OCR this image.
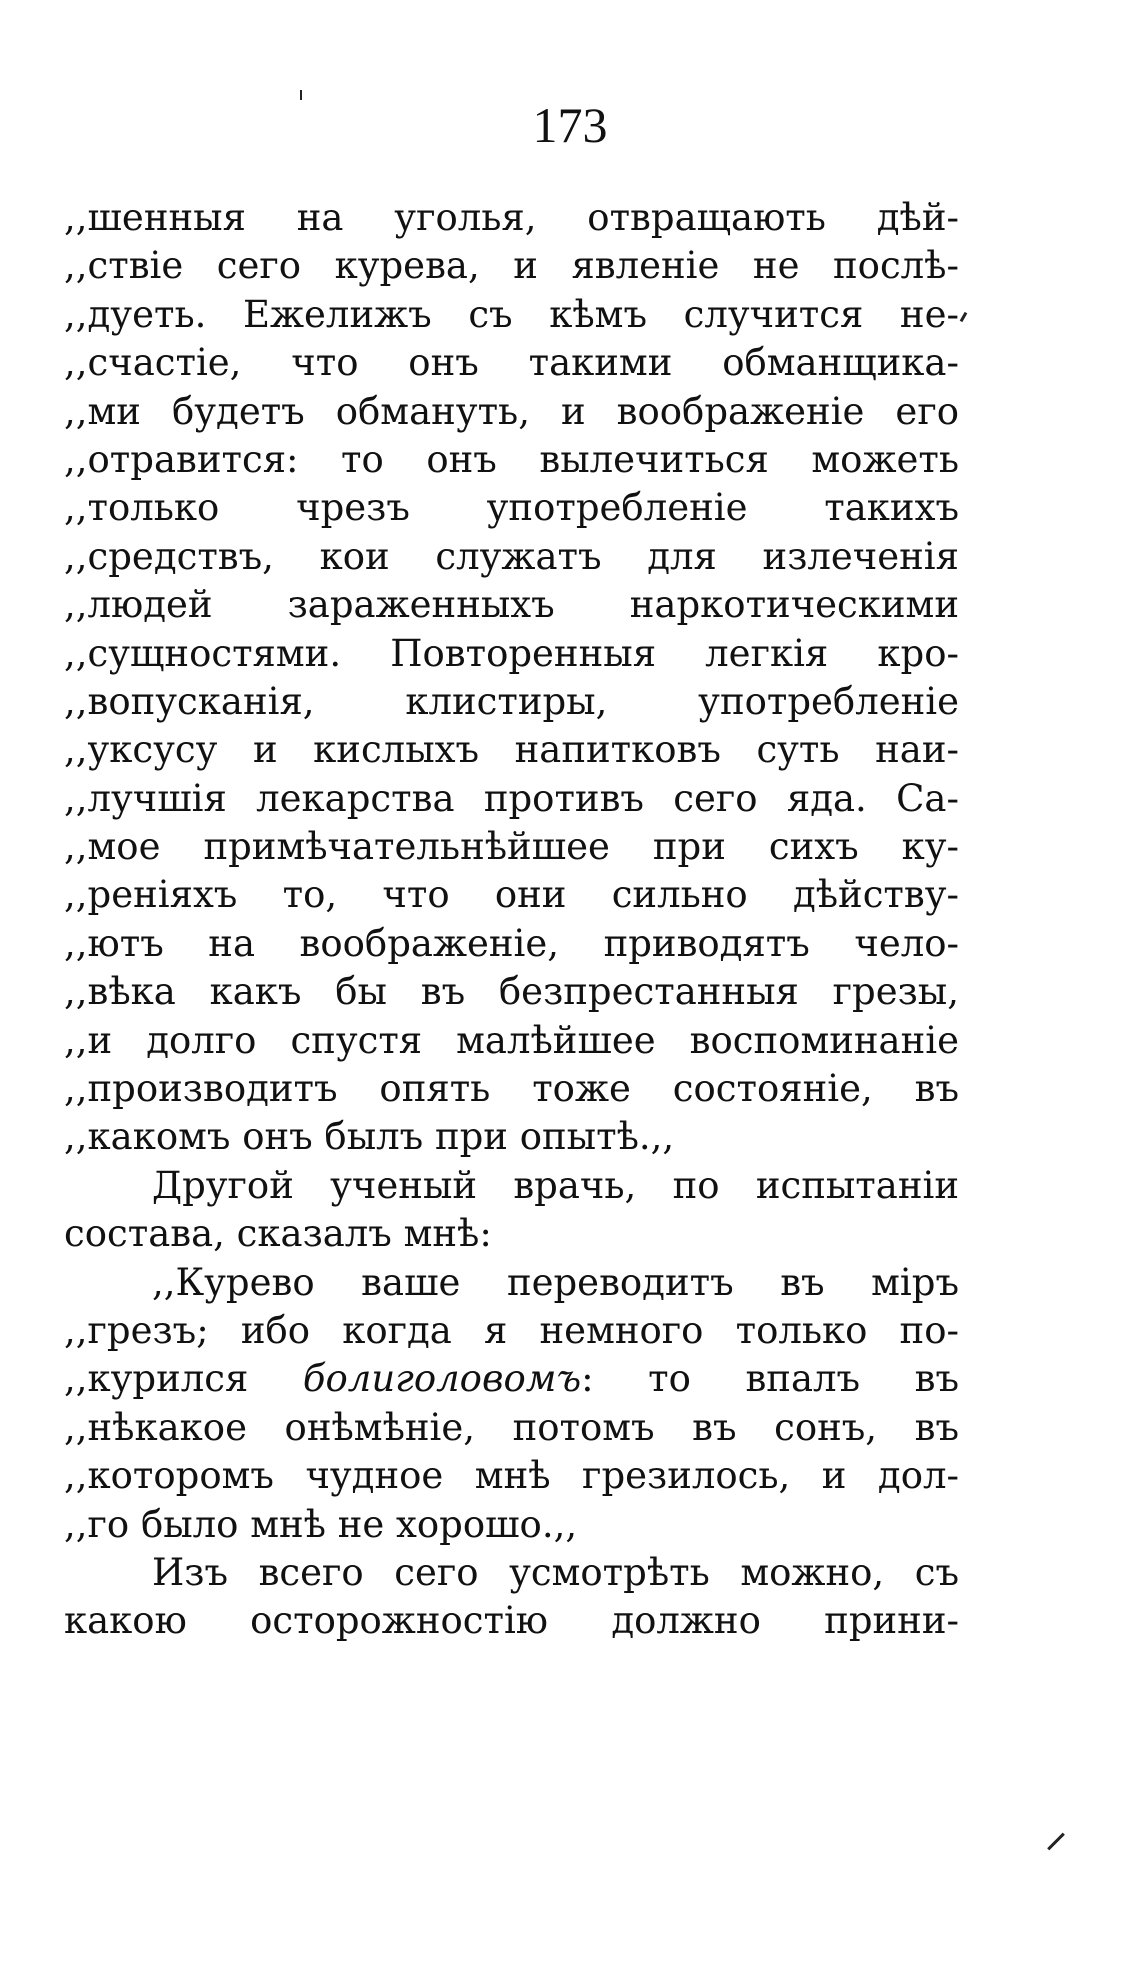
173
,,шенныя на уголья, отвращають дѣй-
,,ствіе сего курева, и явленіе не послѣ-
,,дуеть. Ежелижъ съ кѣмъ случится не-
,,счастіе, что онъ такими обманщика-
,,ми будетъ обмануть, и воображеніе его
,,отравится: то онъ вылечиться можеть
,,только чрезъ употребленіе такихъ
,,средствъ, кои служатъ для излеченія
,,людей зараженныхъ наркотическими
,,сущностями. Повторенныя легкія кро-
,,вопусканія, клистиры, употребленіе
,,уксусу и кислыхъ напитковъ суть наи-
,,лучшія лекарства противъ сего яда. Са-
,,мое примѣчательнѣйшее при сихъ ку-
,,реніяхъ то, что они сильно дѣйству-
,,ютъ на воображеніе, приводятъ чело-
,,вѣка какъ бы въ безпрестанныя грезы,
,,и долго спустя малѣйшее воспоминаніе
,,производитъ опять тоже состояніе, въ
,,какомъ онъ былъ при опытѣ.,,
Другой ученый врачь, по испытаніи
состава, сказалъ мнѣ:
,,Курево ваше переводитъ въ міръ
,,грезъ; ибо когда я немного только по-
,,курился болиголовомъ: то впалъ въ
,,нѣкакое онѣмѣніе, потомъ въ сонъ, въ
,,которомъ чудное мнѣ грезилось, и дол-
,,го было мнѣ не хорошо.,,
Изъ всего сего усмотрѣть можно, съ
какою осторожностію должно прини-
